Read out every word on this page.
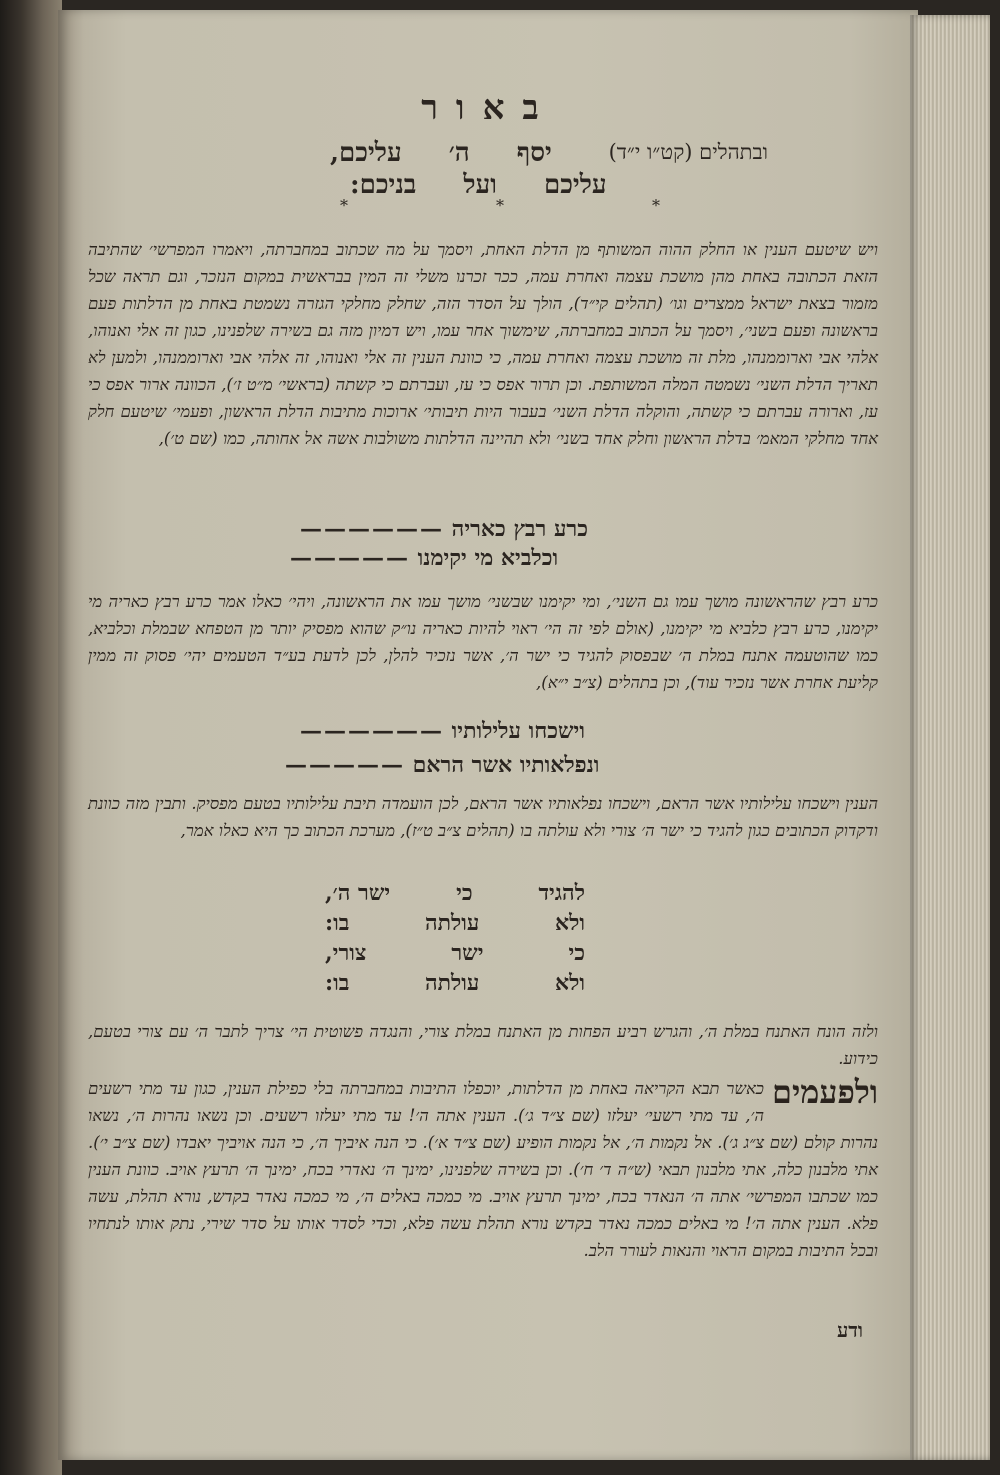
באור
ובתהלים (קט״ו י״ד)
יסף ה׳ עליכם,
עליכם ועל בניכם:
*	*	*
ויש שיטעם הענין או החלק ההוה המשותף מן הדלת האחת, ויסמך על מה שכתוב במחברתה, ויאמרו המפרשי׳ שהתיבה הזאת הכתובה באחת מהן מושכת עצמה ואחרת עמה, ככר זכרנו משלי זה המין בבראשית במקום הנזכר, וגם תראה שכל מזמור בצאת ישראל ממצרים וגו׳ (תהלים קי״ד), הולך על הסדר הזה, שחלק מחלקי הגזרה נשמטת באחת מן הדלתות פעם בראשונה ופעם בשני׳, ויסמך על הכתוב במחברתה, שימשוך אחר עמו, ויש דמיון מזה גם בשירה שלפנינו, כגון זה אלי ואנוהו, אלהי אבי וארוממנהו, מלת זה מושכת עצמה ואחרת עמה, כי כוונת הענין זה אלי ואנוהו, זה אלהי אבי וארוממנהו, ולמען לא תאריך הדלת השני׳ נשמטה המלה המשותפת. וכן תרור אפס כי עז, ועברתם כי קשתה (בראשי׳ מ״ט ז׳), הכוונה ארור אפס כי עז, וארורה עברתם כי קשתה, והוקלה הדלת השני׳ בעבור היות תיבותי׳ ארוכות מתיבות הדלת הראשון, ופעמי׳ שיטעם חלק אחד מחלקי המאמ׳ בדלת הראשון וחלק אחד בשני׳ ולא תהיינה הדלתות משולבות אשה אל אחותה, כמו (שם ט׳),
כרע רבץ כאריה ——————
וכלביא מי יקימנו —————
כרע רבץ שהראשונה מושך עמו גם השני׳, ומי יקימנו שבשני׳ מושך עמו את הראשונה, ויהי׳ כאלו אמר כרע רבץ כאריה מי יקימנו, כרע רבץ כלביא מי יקימנו, (אולם לפי זה הי׳ ראוי להיות כאריה נו״ק שהוא מפסיק יותר מן הטפחא שבמלת וכלביא, כמו שהוטעמה אתנח במלת ה׳ שבפסוק להגיד כי ישר ה׳, אשר נזכיר להלן, לכן לדעת בע״ד הטעמים יהי׳ פסוק זה ממין קליעת אחרת אשר נזכיר עוד), וכן בתהלים (צ״ב י״א),
וישכחו עלילותיו ——————
ונפלאותיו אשר הראם —————
הענין וישכחו עלילותיו אשר הראם, וישכחו נפלאותיו אשר הראם, לכן הועמדה תיבת עלילותיו בטעם מפסיק. ותבין מזה כוונת ודקדוק הכתובים כגון להגיד כי ישר ה׳ צורי ולא עולתה בו (תהלים צ״ב ט״ז), מערכת הכתוב כך היא כאלו אמר,
להגיד
כי
ישר ה׳,
ולא
עולתה
בו:
כי
ישר
צורי,
ולא
עולתה
בו:
ולזה הונח האתנח במלת ה׳, והגרש רביע הפחות מן האתנח במלת צורי, והנגדה פשוטית הי׳ צריך לתבר ה׳ עם צורי בטעם, כידוע.
ולפעמים
כאשר תבא הקריאה באחת מן הדלתות, יוכפלו התיבות במחברתה בלי כפילת הענין, כגון עד מתי רשעים ה׳, עד מתי רשעי׳ יעלזו (שם צ״ד ג׳). הענין אתה ה׳! עד מתי יעלזו רשעים. וכן נשאו נהרות ה׳, נשאו נהרות קולם (שם צ״ג ג׳). אל נקמות ה׳, אל נקמות הופיע (שם צ״ד א׳). כי הנה איביך ה׳, כי הנה אויביך יאבדו (שם צ״ב י׳). אתי מלבנון כלה, אתי מלבנון תבאי (ש״ה ד׳ ח׳). וכן בשירה שלפנינו, ימינך ה׳ נאדרי בכח, ימינך ה׳ תרעץ אויב. כוונת הענין כמו שכתבו המפרשי׳ אתה ה׳ הנאדר בכח, ימינך תרעץ אויב. מי כמכה באלים ה׳, מי כמכה נאדר בקדש, נורא תהלת, עשה פלא. הענין אתה ה׳! מי באלים כמכה נאדר בקדש נורא תהלת עשה פלא, וכדי לסדר אותו על סדר שירי, נתק אותו לנתחיו ובכל התיבות במקום הראוי והנאות לעורר הלב.
ודע
